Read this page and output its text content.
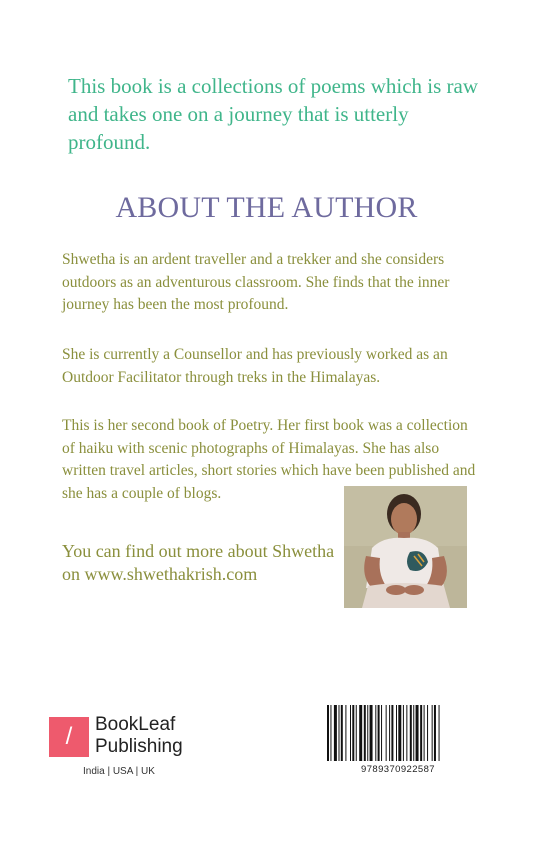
This book is a collections of poems which is raw and takes one on a journey that is utterly profound.
ABOUT THE AUTHOR
Shwetha is an ardent traveller and a trekker and she considers outdoors as an adventurous classroom. She finds that the inner journey has been the most profound.
She is currently a Counsellor and has previously worked as an Outdoor Facilitator through treks in the Himalayas.
This is her second book of Poetry. Her first book was a collection of haiku with scenic photographs of Himalayas. She has also written travel articles, short stories which have been published and she has a couple of blogs.
You can find out more about Shwetha on www.shwethakrish.com
/	BookLeaf
Publishing
India | USA | UK	9789370922587
